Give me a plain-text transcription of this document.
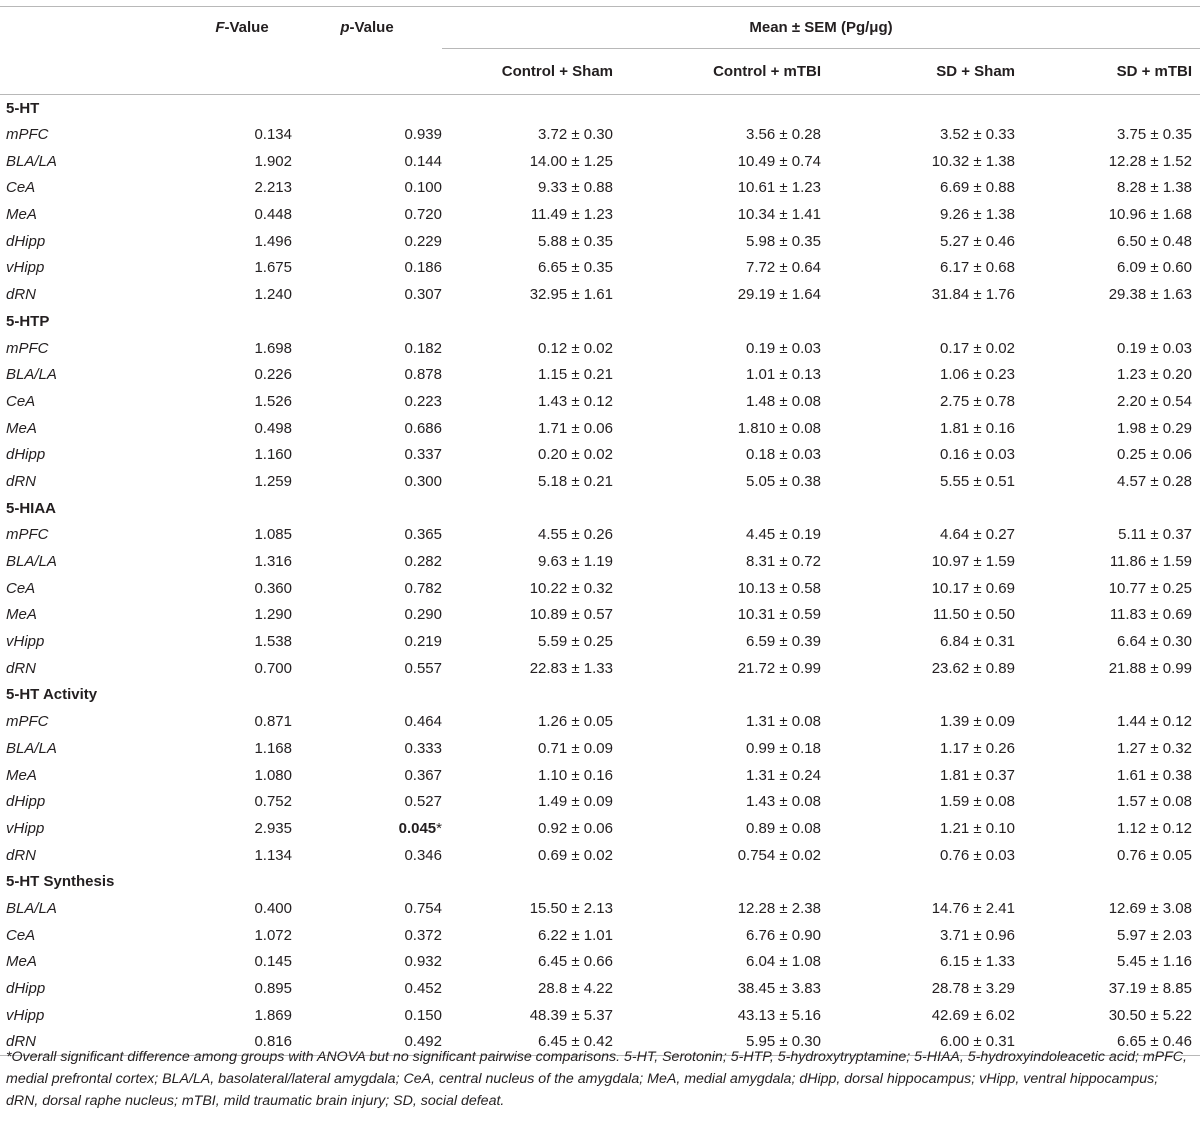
	F-Value	p-Value	Mean ± SEM (Pg/μg)			
			Control + Sham	Control + mTBI	SD + Sham	SD + mTBI
5-HT						
mPFC	0.134	0.939	3.72 ± 0.30	3.56 ± 0.28	3.52 ± 0.33	3.75 ± 0.35
BLA/LA	1.902	0.144	14.00 ± 1.25	10.49 ± 0.74	10.32 ± 1.38	12.28 ± 1.52
CeA	2.213	0.100	9.33 ± 0.88	10.61 ± 1.23	6.69 ± 0.88	8.28 ± 1.38
MeA	0.448	0.720	11.49 ± 1.23	10.34 ± 1.41	9.26 ± 1.38	10.96 ± 1.68
dHipp	1.496	0.229	5.88 ± 0.35	5.98 ± 0.35	5.27 ± 0.46	6.50 ± 0.48
vHipp	1.675	0.186	6.65 ± 0.35	7.72 ± 0.64	6.17 ± 0.68	6.09 ± 0.60
dRN	1.240	0.307	32.95 ± 1.61	29.19 ± 1.64	31.84 ± 1.76	29.38 ± 1.63
5-HTP						
mPFC	1.698	0.182	0.12 ± 0.02	0.19 ± 0.03	0.17 ± 0.02	0.19 ± 0.03
BLA/LA	0.226	0.878	1.15 ± 0.21	1.01 ± 0.13	1.06 ± 0.23	1.23 ± 0.20
CeA	1.526	0.223	1.43 ± 0.12	1.48 ± 0.08	2.75 ± 0.78	2.20 ± 0.54
MeA	0.498	0.686	1.71 ± 0.06	1.810 ± 0.08	1.81 ± 0.16	1.98 ± 0.29
dHipp	1.160	0.337	0.20 ± 0.02	0.18 ± 0.03	0.16 ± 0.03	0.25 ± 0.06
dRN	1.259	0.300	5.18 ± 0.21	5.05 ± 0.38	5.55 ± 0.51	4.57 ± 0.28
5-HIAA						
mPFC	1.085	0.365	4.55 ± 0.26	4.45 ± 0.19	4.64 ± 0.27	5.11 ± 0.37
BLA/LA	1.316	0.282	9.63 ± 1.19	8.31 ± 0.72	10.97 ± 1.59	11.86 ± 1.59
CeA	0.360	0.782	10.22 ± 0.32	10.13 ± 0.58	10.17 ± 0.69	10.77 ± 0.25
MeA	1.290	0.290	10.89 ± 0.57	10.31 ± 0.59	11.50 ± 0.50	11.83 ± 0.69
vHipp	1.538	0.219	5.59 ± 0.25	6.59 ± 0.39	6.84 ± 0.31	6.64 ± 0.30
dRN	0.700	0.557	22.83 ± 1.33	21.72 ± 0.99	23.62 ± 0.89	21.88 ± 0.99
5-HT Activity						
mPFC	0.871	0.464	1.26 ± 0.05	1.31 ± 0.08	1.39 ± 0.09	1.44 ± 0.12
BLA/LA	1.168	0.333	0.71 ± 0.09	0.99 ± 0.18	1.17 ± 0.26	1.27 ± 0.32
MeA	1.080	0.367	1.10 ± 0.16	1.31 ± 0.24	1.81 ± 0.37	1.61 ± 0.38
dHipp	0.752	0.527	1.49 ± 0.09	1.43 ± 0.08	1.59 ± 0.08	1.57 ± 0.08
vHipp	2.935	0.045*	0.92 ± 0.06	0.89 ± 0.08	1.21 ± 0.10	1.12 ± 0.12
dRN	1.134	0.346	0.69 ± 0.02	0.754 ± 0.02	0.76 ± 0.03	0.76 ± 0.05
5-HT Synthesis						
BLA/LA	0.400	0.754	15.50 ± 2.13	12.28 ± 2.38	14.76 ± 2.41	12.69 ± 3.08
CeA	1.072	0.372	6.22 ± 1.01	6.76 ± 0.90	3.71 ± 0.96	5.97 ± 2.03
MeA	0.145	0.932	6.45 ± 0.66	6.04 ± 1.08	6.15 ± 1.33	5.45 ± 1.16
dHipp	0.895	0.452	28.8 ± 4.22	38.45 ± 3.83	28.78 ± 3.29	37.19 ± 8.85
vHipp	1.869	0.150	48.39 ± 5.37	43.13 ± 5.16	42.69 ± 6.02	30.50 ± 5.22
dRN	0.816	0.492	6.45 ± 0.42	5.95 ± 0.30	6.00 ± 0.31	6.65 ± 0.46
*Overall significant difference among groups with ANOVA but no significant pairwise comparisons. 5-HT, Serotonin; 5-HTP, 5-hydroxytryptamine; 5-HIAA, 5-hydroxyindoleacetic acid; mPFC, medial prefrontal cortex; BLA/LA, basolateral/lateral amygdala; CeA, central nucleus of the amygdala; MeA, medial amygdala; dHipp, dorsal hippocampus; vHipp, ventral hippocampus; dRN, dorsal raphe nucleus; mTBI, mild traumatic brain injury; SD, social defeat.
